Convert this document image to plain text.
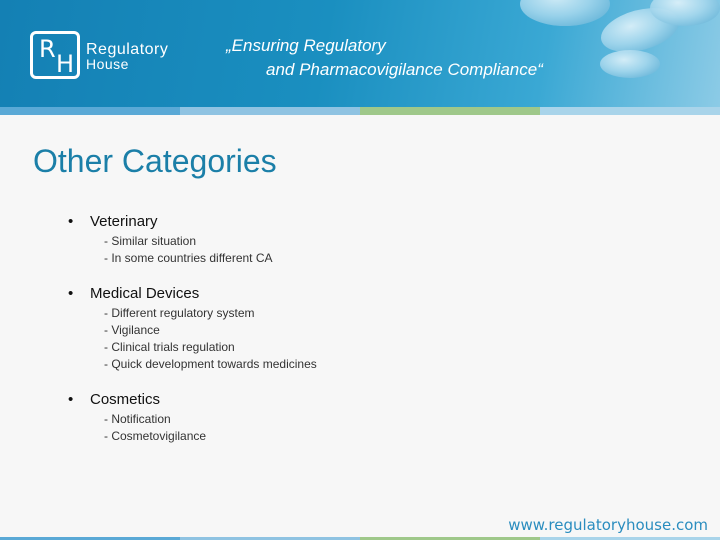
R
H
Regulatory
House
„Ensuring Regulatory
and Pharmacovigilance Compliance“
Other Categories
• Veterinary
- Similar situation
- In some countries different CA
• Medical Devices
- Different regulatory system
- Vigilance
- Clinical trials regulation
- Quick development towards medicines
• Cosmetics
- Notification
- Cosmetovigilance
www.regulatoryhouse.com
